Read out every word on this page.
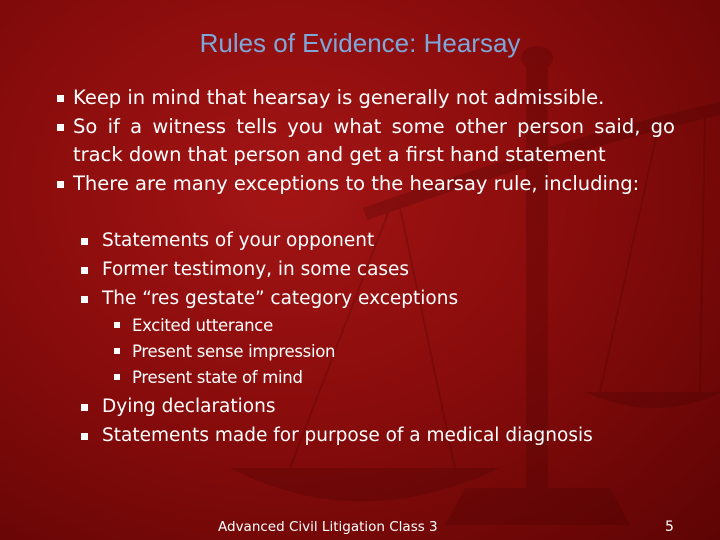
Rules of Evidence: Hearsay
Keep in mind that hearsay is generally not admissible.
So if a witness tells you what some other person said, go track down that person and get a first hand statement
There are many exceptions to the hearsay rule, including:
Statements of your opponent
Former testimony, in some cases
The “res gestate” category exceptions
Excited utterance
Present sense impression
Present state of mind
Dying declarations
Statements made for purpose of a medical diagnosis
Advanced Civil Litigation Class 3	5
